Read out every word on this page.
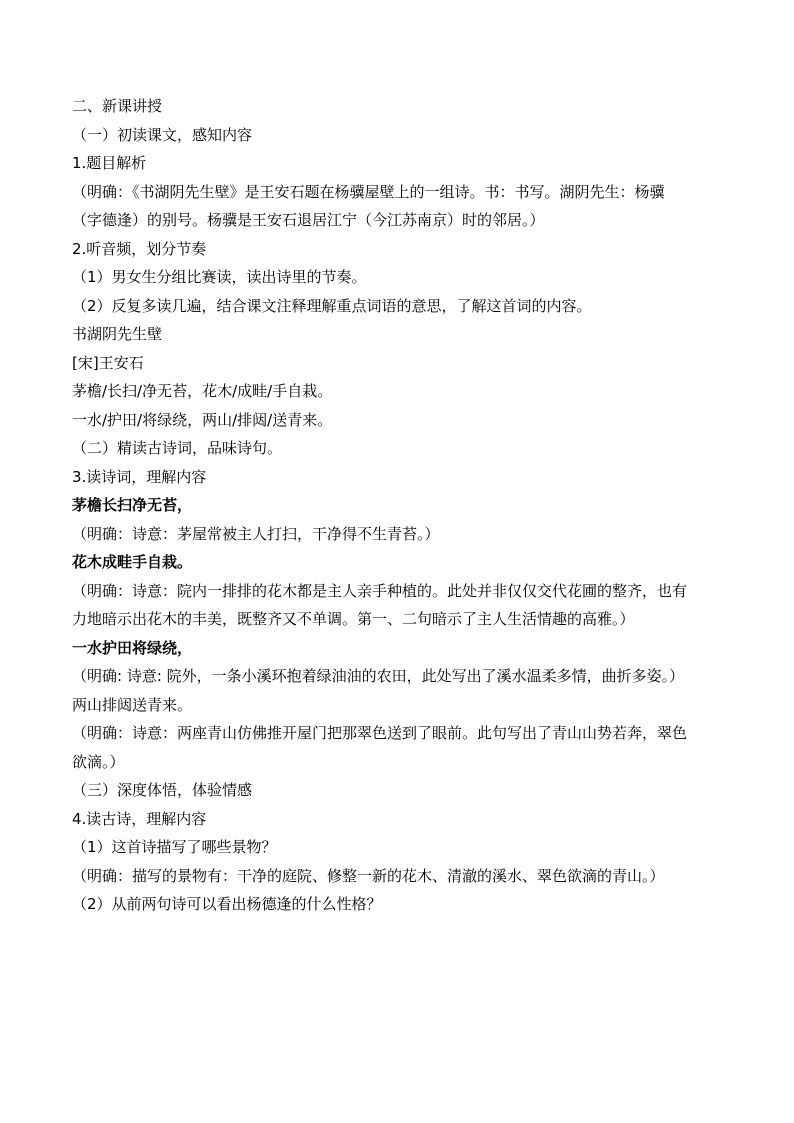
二、新课讲授
（一）初读课文，感知内容
1.题目解析
（明确：《书湖阴先生壁》是王安石题在杨骥屋壁上的一组诗。书：书写。湖阴先生：杨骥
（字德逢）的别号。杨骥是王安石退居江宁（今江苏南京）时的邻居。）
2.听音频，划分节奏
（1）男女生分组比赛读，读出诗里的节奏。
（2）反复多读几遍，结合课文注释理解重点词语的意思，了解这首词的内容。
书湖阴先生壁
[宋]王安石
茅檐/长扫/净无苔，花木/成畦/手自栽。
一水/护田/将绿绕，两山/排闼/送青来。
（二）精读古诗词，品味诗句。
3.读诗词，理解内容
茅檐长扫净无苔，
（明确：诗意：茅屋常被主人打扫，干净得不生青苔。）
花木成畦手自栽。
（明确：诗意：院内一排排的花木都是主人亲手种植的。此处并非仅仅交代花圃的整齐，也有
力地暗示出花木的丰美，既整齐又不单调。第一、二句暗示了主人生活情趣的高雅。）
一水护田将绿绕，
（明确: 诗意: 院外，一条小溪环抱着绿油油的农田，此处写出了溪水温柔多情，曲折多姿。）
两山排闼送青来。
（明确：诗意：两座青山仿佛推开屋门把那翠色送到了眼前。此句写出了青山山势若奔，翠色
欲滴。）
（三）深度体悟，体验情感
4.读古诗，理解内容
（1）这首诗描写了哪些景物？
（明确：描写的景物有：干净的庭院、修整一新的花木、清澈的溪水、翠色欲滴的青山。）
（2）从前两句诗可以看出杨德逢的什么性格？
